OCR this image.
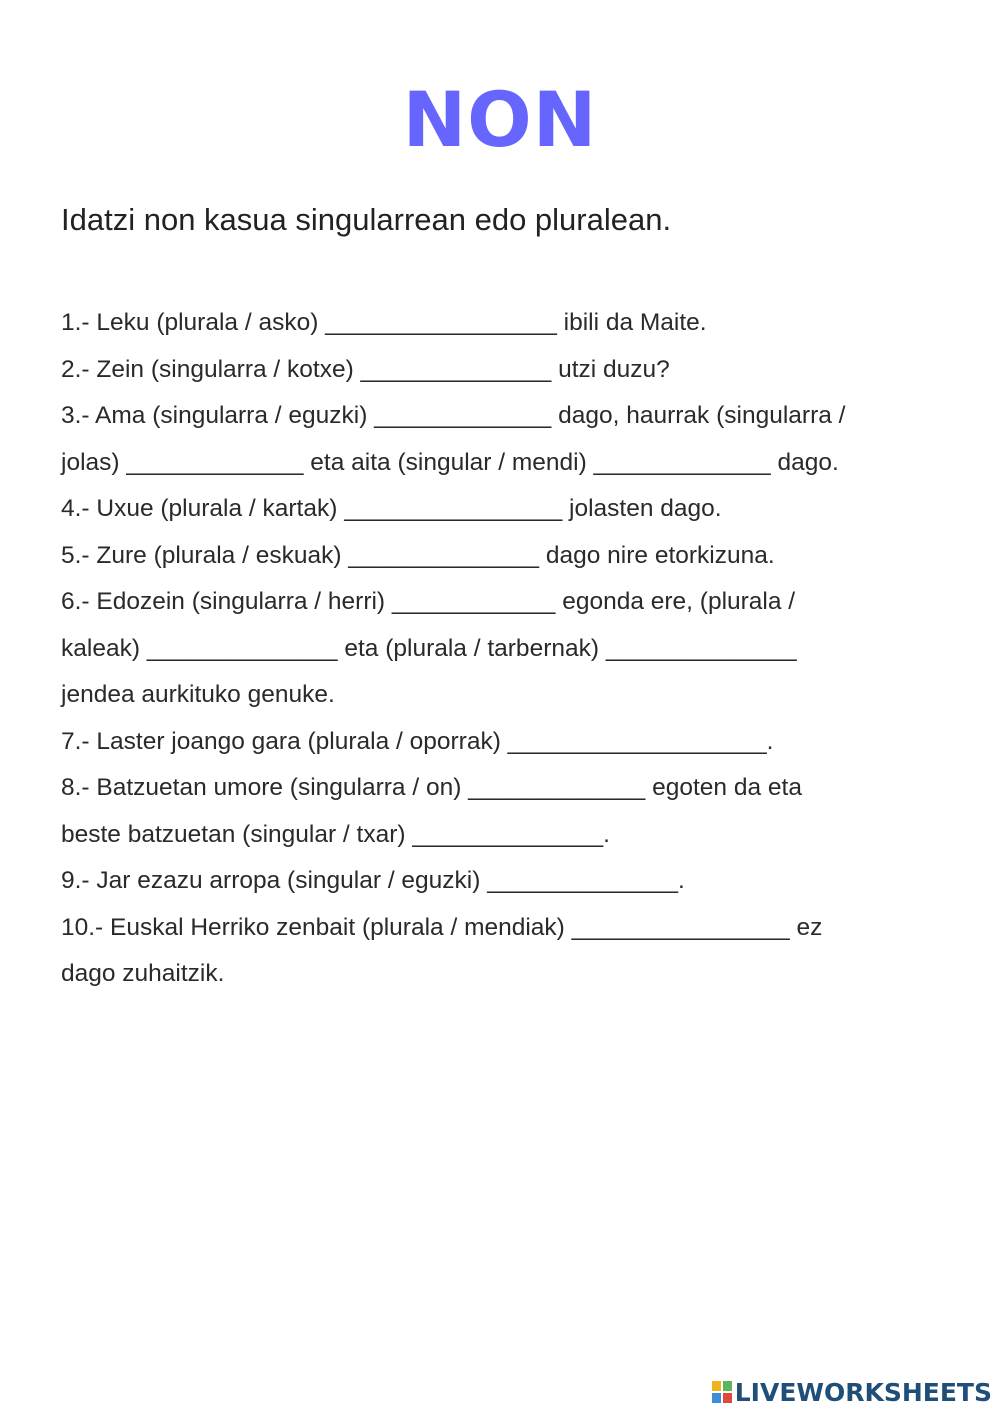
NON
Idatzi non kasua singularrean edo pluralean.
1.- Leku (plurala / asko) _________________ ibili da Maite.
2.- Zein (singularra / kotxe) ______________ utzi duzu?
3.- Ama (singularra / eguzki) _____________ dago, haurrak (singularra /
jolas) _____________ eta aita (singular / mendi) _____________ dago.
4.- Uxue (plurala / kartak) ________________ jolasten dago.
5.- Zure (plurala / eskuak) ______________ dago nire etorkizuna.
6.- Edozein (singularra / herri) ____________ egonda ere, (plurala /
kaleak) ______________ eta (plurala / tarbernak) ______________
jendea aurkituko genuke.
7.- Laster joango gara (plurala / oporrak) ___________________.
8.- Batzuetan umore (singularra / on) _____________ egoten da eta
beste batzuetan (singular / txar) ______________.
9.- Jar ezazu arropa (singular / eguzki) ______________.
10.- Euskal Herriko zenbait (plurala / mendiak) ________________ ez
dago zuhaitzik.
LIVEWORKSHEETS
